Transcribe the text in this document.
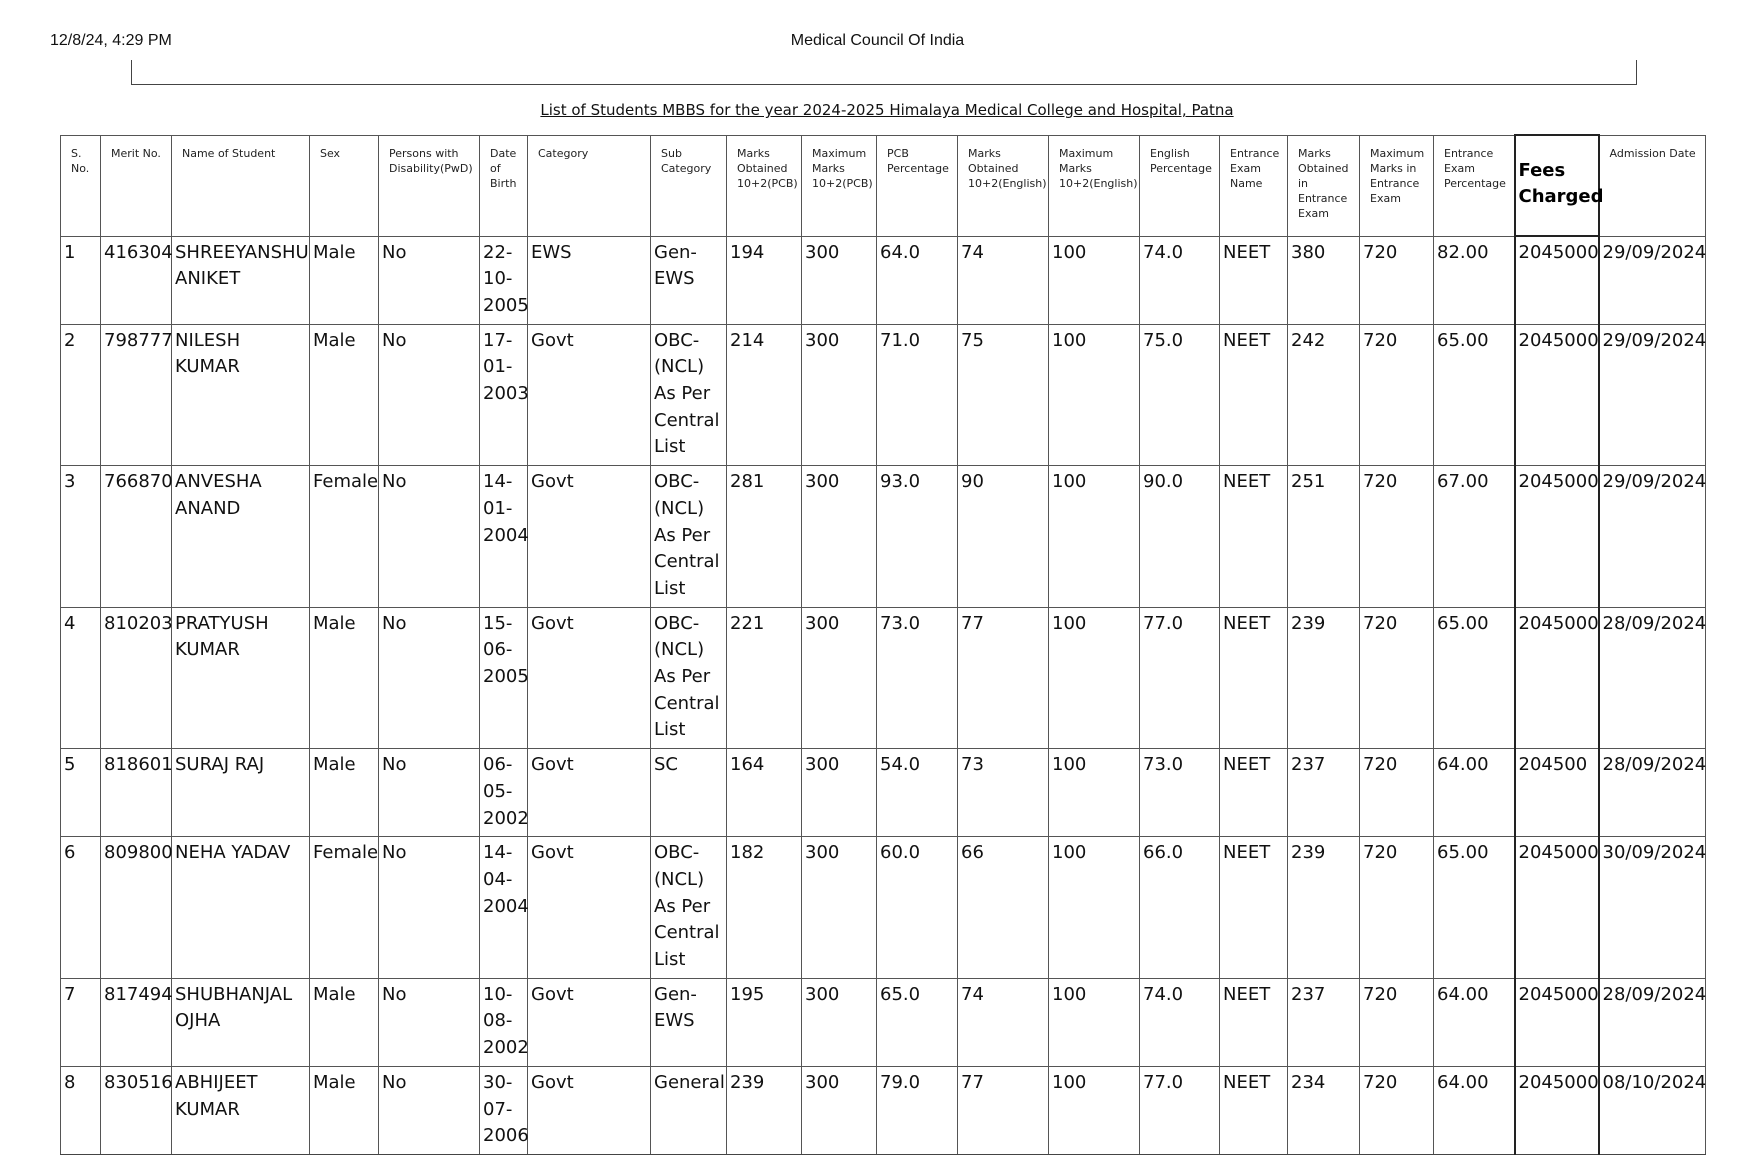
12/8/24, 4:29 PM	Medical Council Of India
List of Students MBBS for the year 2024-2025 Himalaya Medical College and Hospital, Patna
S. No.	Merit No.	Name of Student	Sex	Persons with Disability(PwD)	Date of Birth	Category	Sub Category	Marks Obtained 10+2(PCB)	Maximum Marks 10+2(PCB)	PCB Percentage	Marks Obtained 10+2(English)	Maximum Marks 10+2(English)	English Percentage	Entrance Exam Name	Marks Obtained in Entrance Exam	Maximum Marks in Entrance Exam	Entrance Exam Percentage	Fees Charged	Admission Date
1	416304	SHREEYANSHU ANIKET	Male	No	22-10-2005	EWS	Gen-EWS	194	300	64.0	74	100	74.0	NEET	380	720	82.00	2045000	29/09/2024
2	798777	NILESH KUMAR	Male	No	17-01-2003	Govt	OBC-(NCL) As Per Central List	214	300	71.0	75	100	75.0	NEET	242	720	65.00	2045000	29/09/2024
3	766870	ANVESHA ANAND	Female	No	14-01-2004	Govt	OBC-(NCL) As Per Central List	281	300	93.0	90	100	90.0	NEET	251	720	67.00	2045000	29/09/2024
4	810203	PRATYUSH KUMAR	Male	No	15-06-2005	Govt	OBC-(NCL) As Per Central List	221	300	73.0	77	100	77.0	NEET	239	720	65.00	2045000	28/09/2024
5	818601	SURAJ RAJ	Male	No	06-05-2002	Govt	SC	164	300	54.0	73	100	73.0	NEET	237	720	64.00	204500	28/09/2024
6	809800	NEHA YADAV	Female	No	14-04-2004	Govt	OBC-(NCL) As Per Central List	182	300	60.0	66	100	66.0	NEET	239	720	65.00	2045000	30/09/2024
7	817494	SHUBHANJAL OJHA	Male	No	10-08-2002	Govt	Gen-EWS	195	300	65.0	74	100	74.0	NEET	237	720	64.00	2045000	28/09/2024
8	830516	ABHIJEET KUMAR	Male	No	30-07-2006	Govt	General	239	300	79.0	77	100	77.0	NEET	234	720	64.00	2045000	08/10/2024
